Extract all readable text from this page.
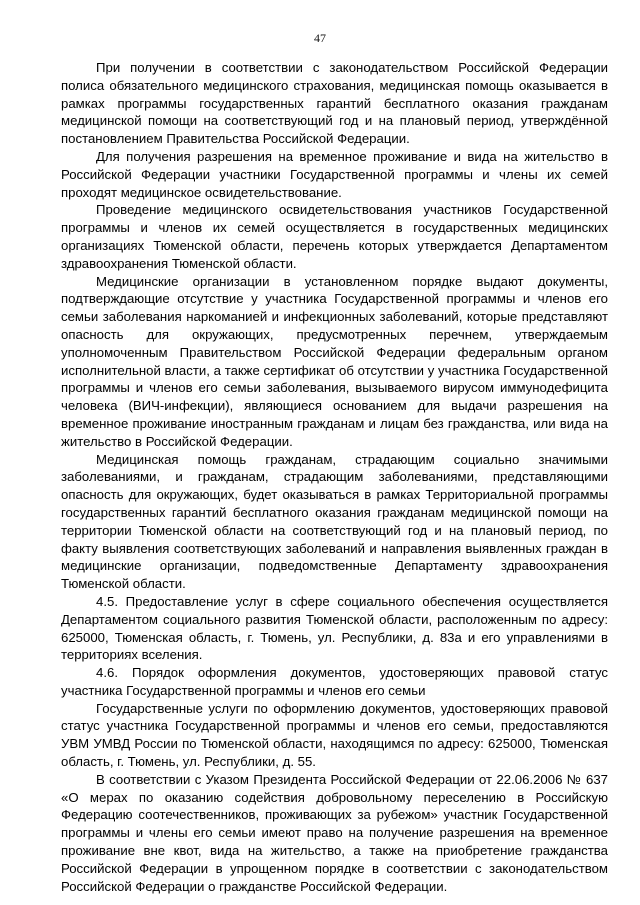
47

При получении в соответствии с законодательством Российской Федерации полиса обязательного медицинского страхования, медицинская помощь оказывается в рамках программы государственных гарантий бесплатного оказания гражданам медицинской помощи на соответствующий год и на плановый период, утверждённой постановлением Правительства Российской Федерации.

Для получения разрешения на временное проживание и вида на жительство в Российской Федерации участники Государственной программы и члены их семей проходят медицинское освидетельствование.

Проведение медицинского освидетельствования участников Государственной программы и членов их семей осуществляется в государственных медицинских организациях Тюменской области, перечень которых утверждается Департаментом здравоохранения Тюменской области.

Медицинские организации в установленном порядке выдают документы, подтверждающие отсутствие у участника Государственной программы и членов его семьи заболевания наркоманией и инфекционных заболеваний, которые представляют опасность для окружающих, предусмотренных перечнем, утверждаемым уполномоченным Правительством Российской Федерации федеральным органом исполнительной власти, а также сертификат об отсутствии у участника Государственной программы и членов его семьи заболевания, вызываемого вирусом иммунодефицита человека (ВИЧ-инфекции), являющиеся основанием для выдачи разрешения на временное проживание иностранным гражданам и лицам без гражданства, или вида на жительство в Российской Федерации.

Медицинская помощь гражданам, страдающим социально значимыми заболеваниями, и гражданам, страдающим заболеваниями, представляющими опасность для окружающих, будет оказываться в рамках Территориальной программы государственных гарантий бесплатного оказания гражданам медицинской помощи на территории Тюменской области на соответствующий год и на плановый период, по факту выявления соответствующих заболеваний и направления выявленных граждан в медицинские организации, подведомственные Департаменту здравоохранения Тюменской области.

4.5. Предоставление услуг в сфере социального обеспечения осуществляется Департаментом социального развития Тюменской области, расположенным по адресу: 625000, Тюменская область, г. Тюмень, ул. Республики, д. 83а и его управлениями в территориях вселения.

4.6. Порядок оформления документов, удостоверяющих правовой статус участника Государственной программы и членов его семьи

Государственные услуги по оформлению документов, удостоверяющих правовой статус участника Государственной программы и членов его семьи, предоставляются УВМ УМВД России по Тюменской области, находящимся по адресу: 625000, Тюменская область, г. Тюмень, ул. Республики, д. 55.

В соответствии с Указом Президента Российской Федерации от 22.06.2006 № 637 «О мерах по оказанию содействия добровольному переселению в Российскую Федерацию соотечественников, проживающих за рубежом» участник Государственной программы и члены его семьи имеют право на получение разрешения на временное проживание вне квот, вида на жительство, а также на приобретение гражданства Российской Федерации в упрощенном порядке в соответствии с законодательством Российской Федерации о гражданстве Российской Федерации.
